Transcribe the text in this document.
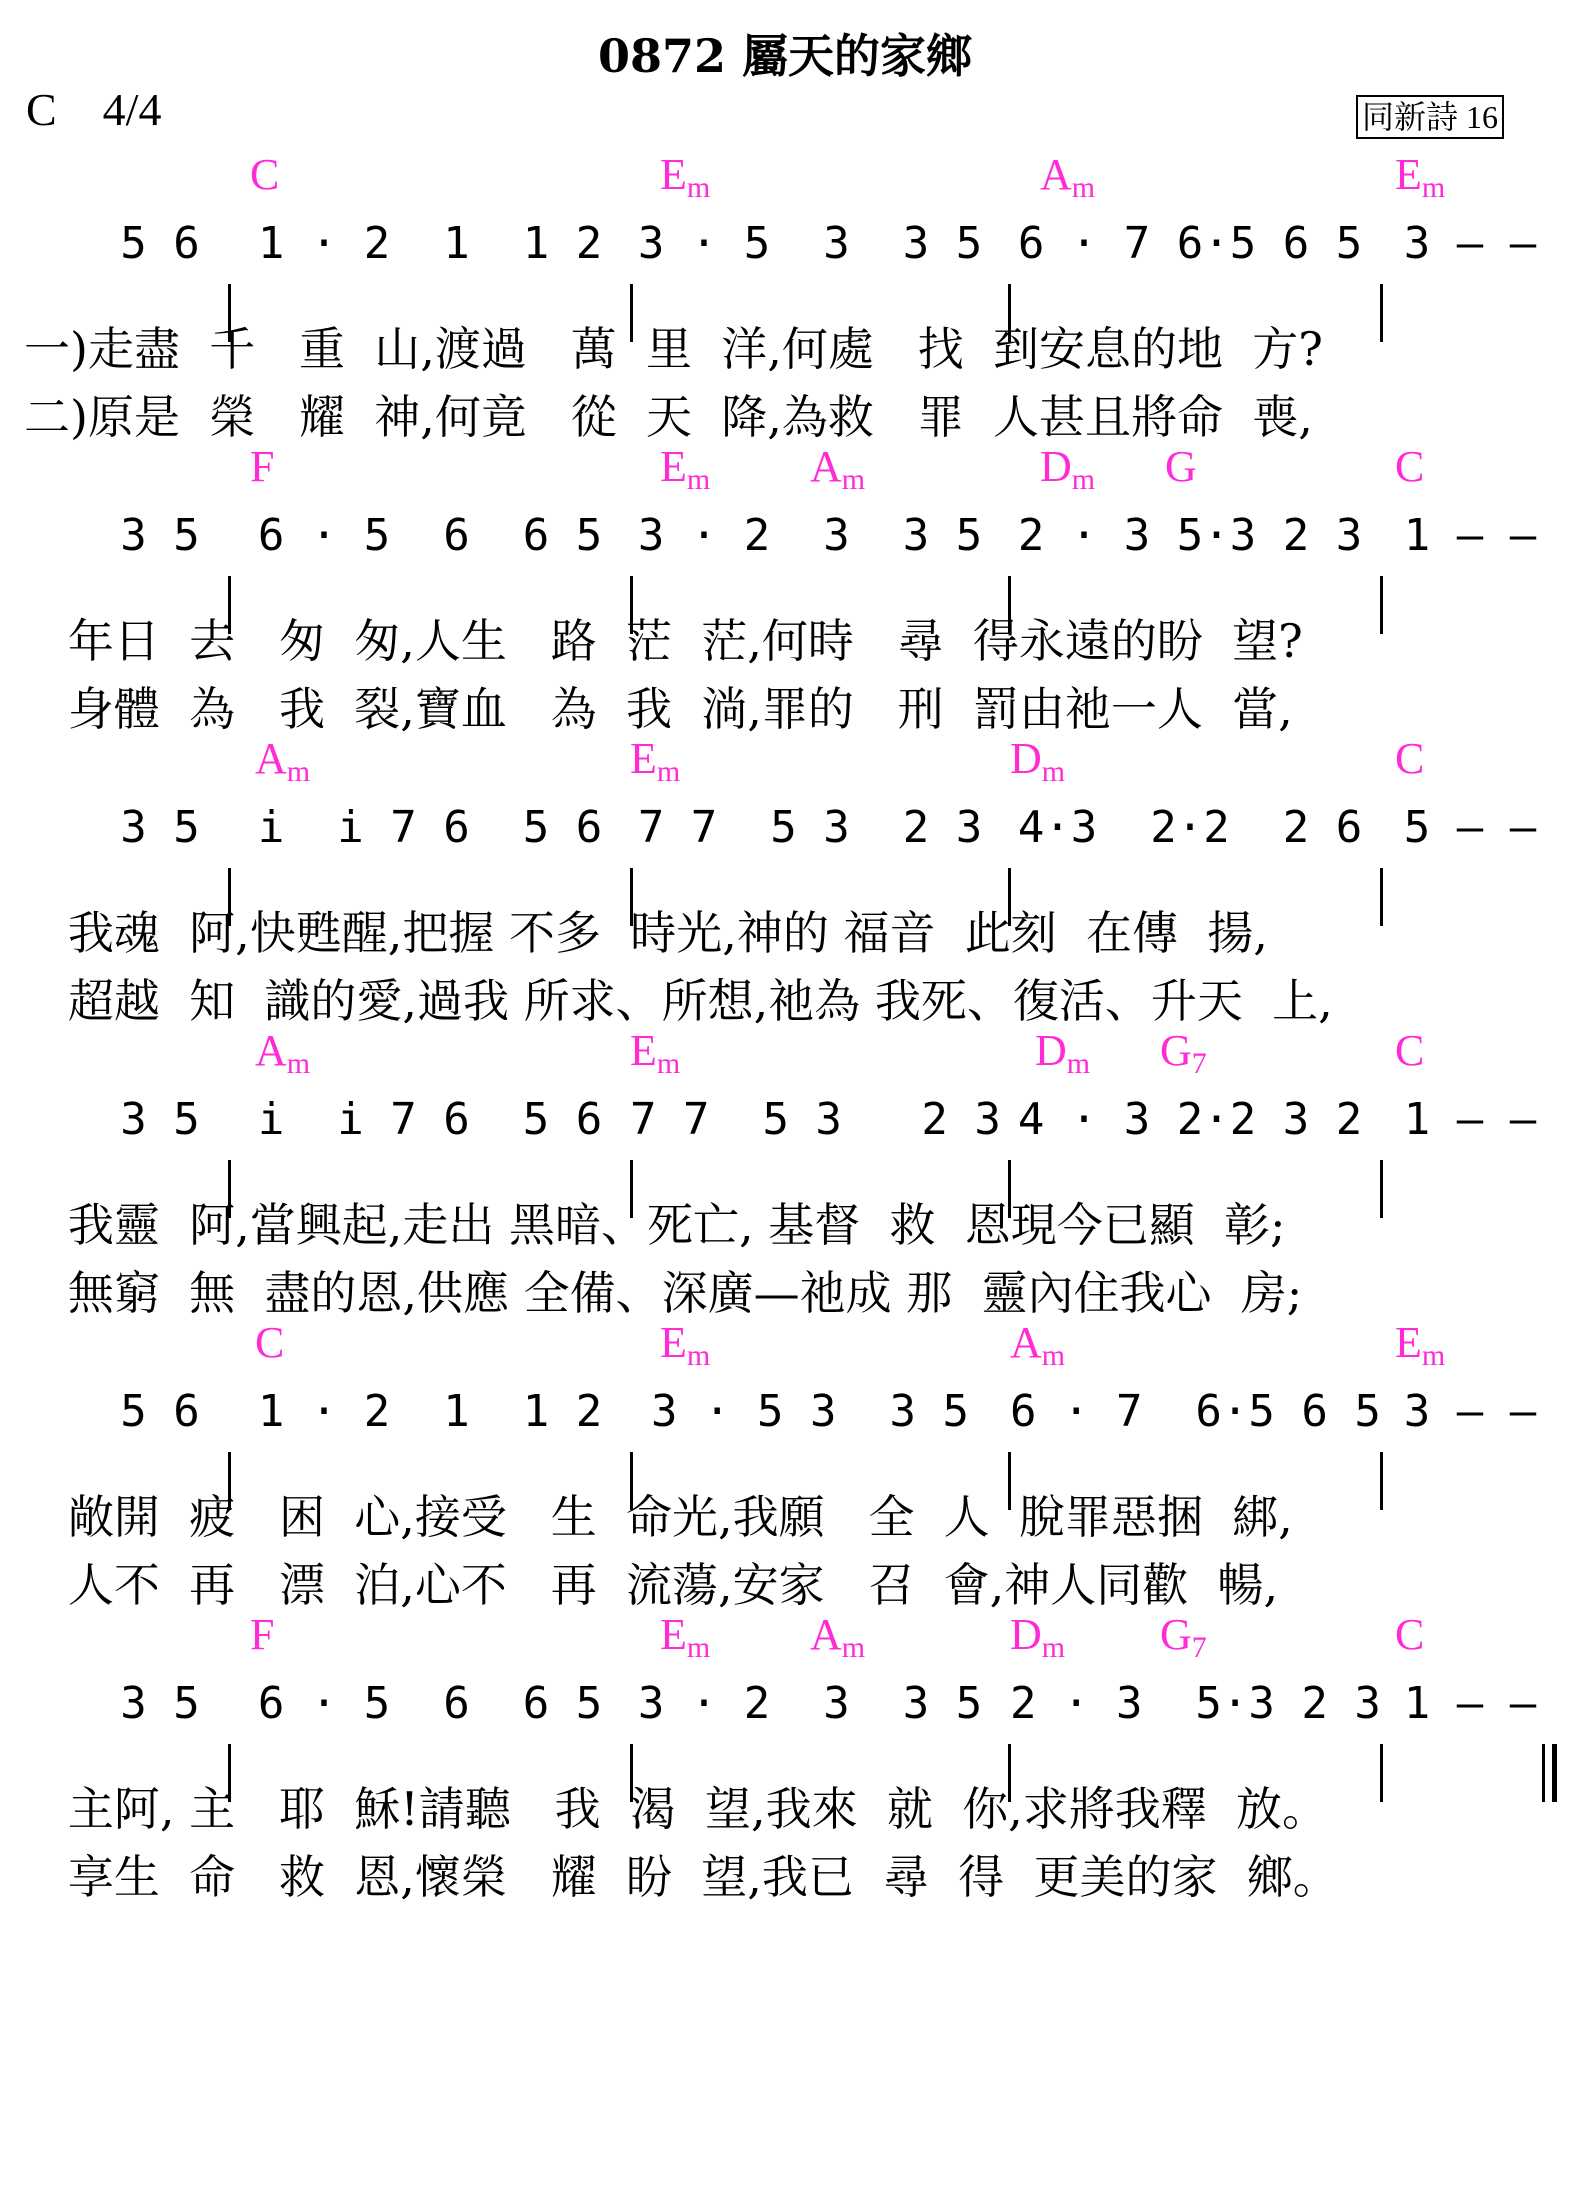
0872 屬天的家鄉
C    4/4	同新詩 16
C	$E_m$	$A_m$	$E_m$
5 6 1 · 2  1  1 2 3 · 5  3  3 5 6 · 7 6·5 6 5 3 — —
一)走盡  千   重  山,渡過   萬  里  洋,何處   找  到安息的地  方?
二)原是  榮   耀  神,何竟   從  天  降,為救   罪  人甚且將命  喪,
F	$E_m$ $A_m$	$D_m$ G	C
3 5 6 · 5  6  6 5 3 · 2  3  3 5 2 · 3 5·3 2 3 1 — —
年日  去   匆  匆,人生   路  茫  茫,何時   尋  得永遠的盼  望?
身體  為   我  裂,寶血   為  我  淌,罪的   刑  罰由祂一人  當,
$A_m$	$E_m$	$D_m$	C
3 5 i  i 7 6  5 6 7 7  5 3  2 3 4·3  2·2  2 6 5 — —
我魂  阿,快甦醒,把握 不多  時光,神的 福音  此刻  在傳  揚,
超越  知  識的愛,過我 所求、所想,祂為 我死、復活、升天  上,
$A_m$	$E_m$	$D_m$ $G_7$	C
3 5 i  i 7 6  5 6 7 7  5 3   2 3 4 · 3 2·2 3 2 1 — —
我靈  阿,當興起,走出 黑暗、死亡, 基督  救  恩現今已顯  彰;
無窮  無  盡的恩,供應 全備、深廣—祂成 那  靈內住我心  房;
C	$E_m$	$A_m$	$E_m$
5 6 1 · 2  1  1 2	3 · 5 3  3 5 6 · 7  6·5 6 5 3 — —
敞開  疲   困  心,接受   生  命光,我願   全  人  脫罪惡捆  綁,
人不  再   漂  泊,心不   再  流蕩,安家   召  會,神人同歡  暢,
F	$E_m$ $A_m$	$D_m$ $G_7$	C
3 5 6 · 5  6  6 5 3 · 2  3  3 5 2 · 3  5·3 2 3 1 — —
主阿, 主   耶  穌!請聽   我  渴  望,我來  就  你,求將我釋  放。
享生  命   救  恩,懷榮   耀  盼  望,我已  尋  得  更美的家  鄉。
